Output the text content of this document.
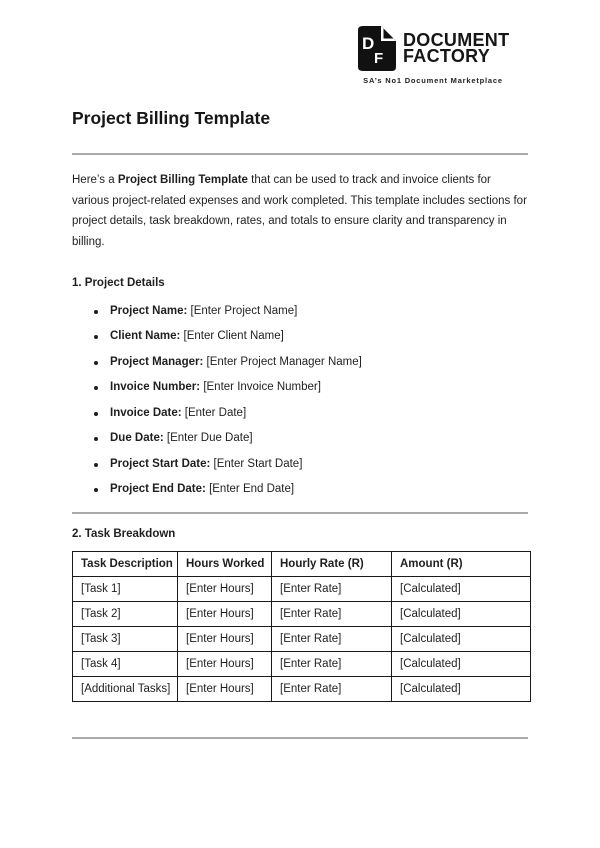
D
F
DOCUMENT
FACTORY
SA’s No1 Document Marketplace
Project Billing Template

Here’s a Project Billing Template that can be used to track and invoice clients for various project-related expenses and work completed. This template includes sections for project details, task breakdown, rates, and totals to ensure clarity and transparency in billing.

1. Project Details
Project Name: [Enter Project Name]
Client Name: [Enter Client Name]
Project Manager: [Enter Project Manager Name]
Invoice Number: [Enter Invoice Number]
Invoice Date: [Enter Date]
Due Date: [Enter Due Date]
Project Start Date: [Enter Start Date]
Project End Date: [Enter End Date]
2. Task Breakdown
Task Description	Hours Worked	Hourly Rate (R)	Amount (R)
[Task 1]	[Enter Hours]	[Enter Rate]	[Calculated]
[Task 2]	[Enter Hours]	[Enter Rate]	[Calculated]
[Task 3]	[Enter Hours]	[Enter Rate]	[Calculated]
[Task 4]	[Enter Hours]	[Enter Rate]	[Calculated]
[Additional Tasks]	[Enter Hours]	[Enter Rate]	[Calculated]
